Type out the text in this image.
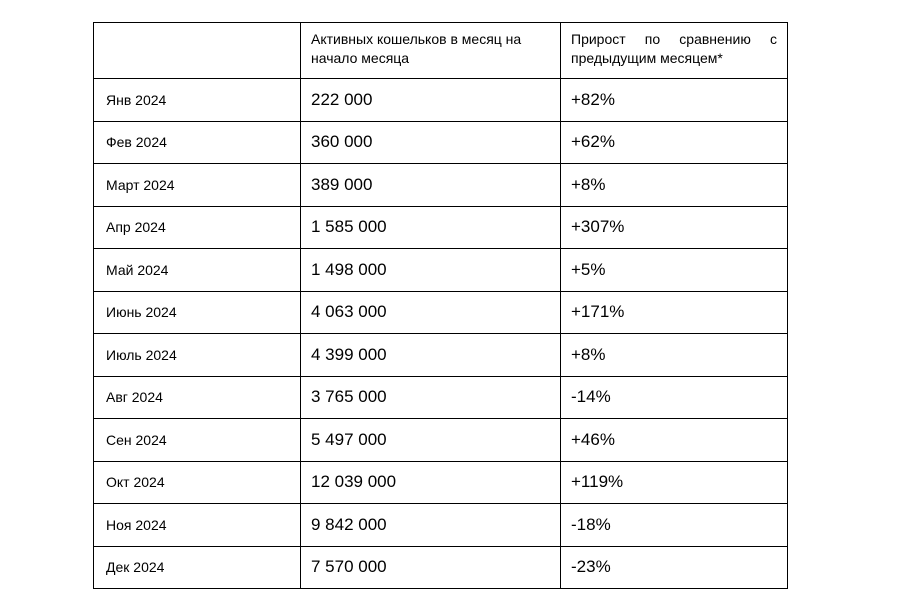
	Активных кошельков в месяц на начало месяца	Прирост по сравнению с предыдущим месяцем*
Янв 2024	222 000	+82%
Фев 2024	360 000	+62%
Март 2024	389 000	+8%
Апр 2024	1 585 000	+307%
Май 2024	1 498 000	+5%
Июнь 2024	4 063 000	+171%
Июль 2024	4 399 000	+8%
Авг 2024	3 765 000	-14%
Сен 2024	5 497 000	+46%
Окт 2024	12 039 000	+119%
Ноя 2024	9 842 000	-18%
Дек 2024	7 570 000	-23%
